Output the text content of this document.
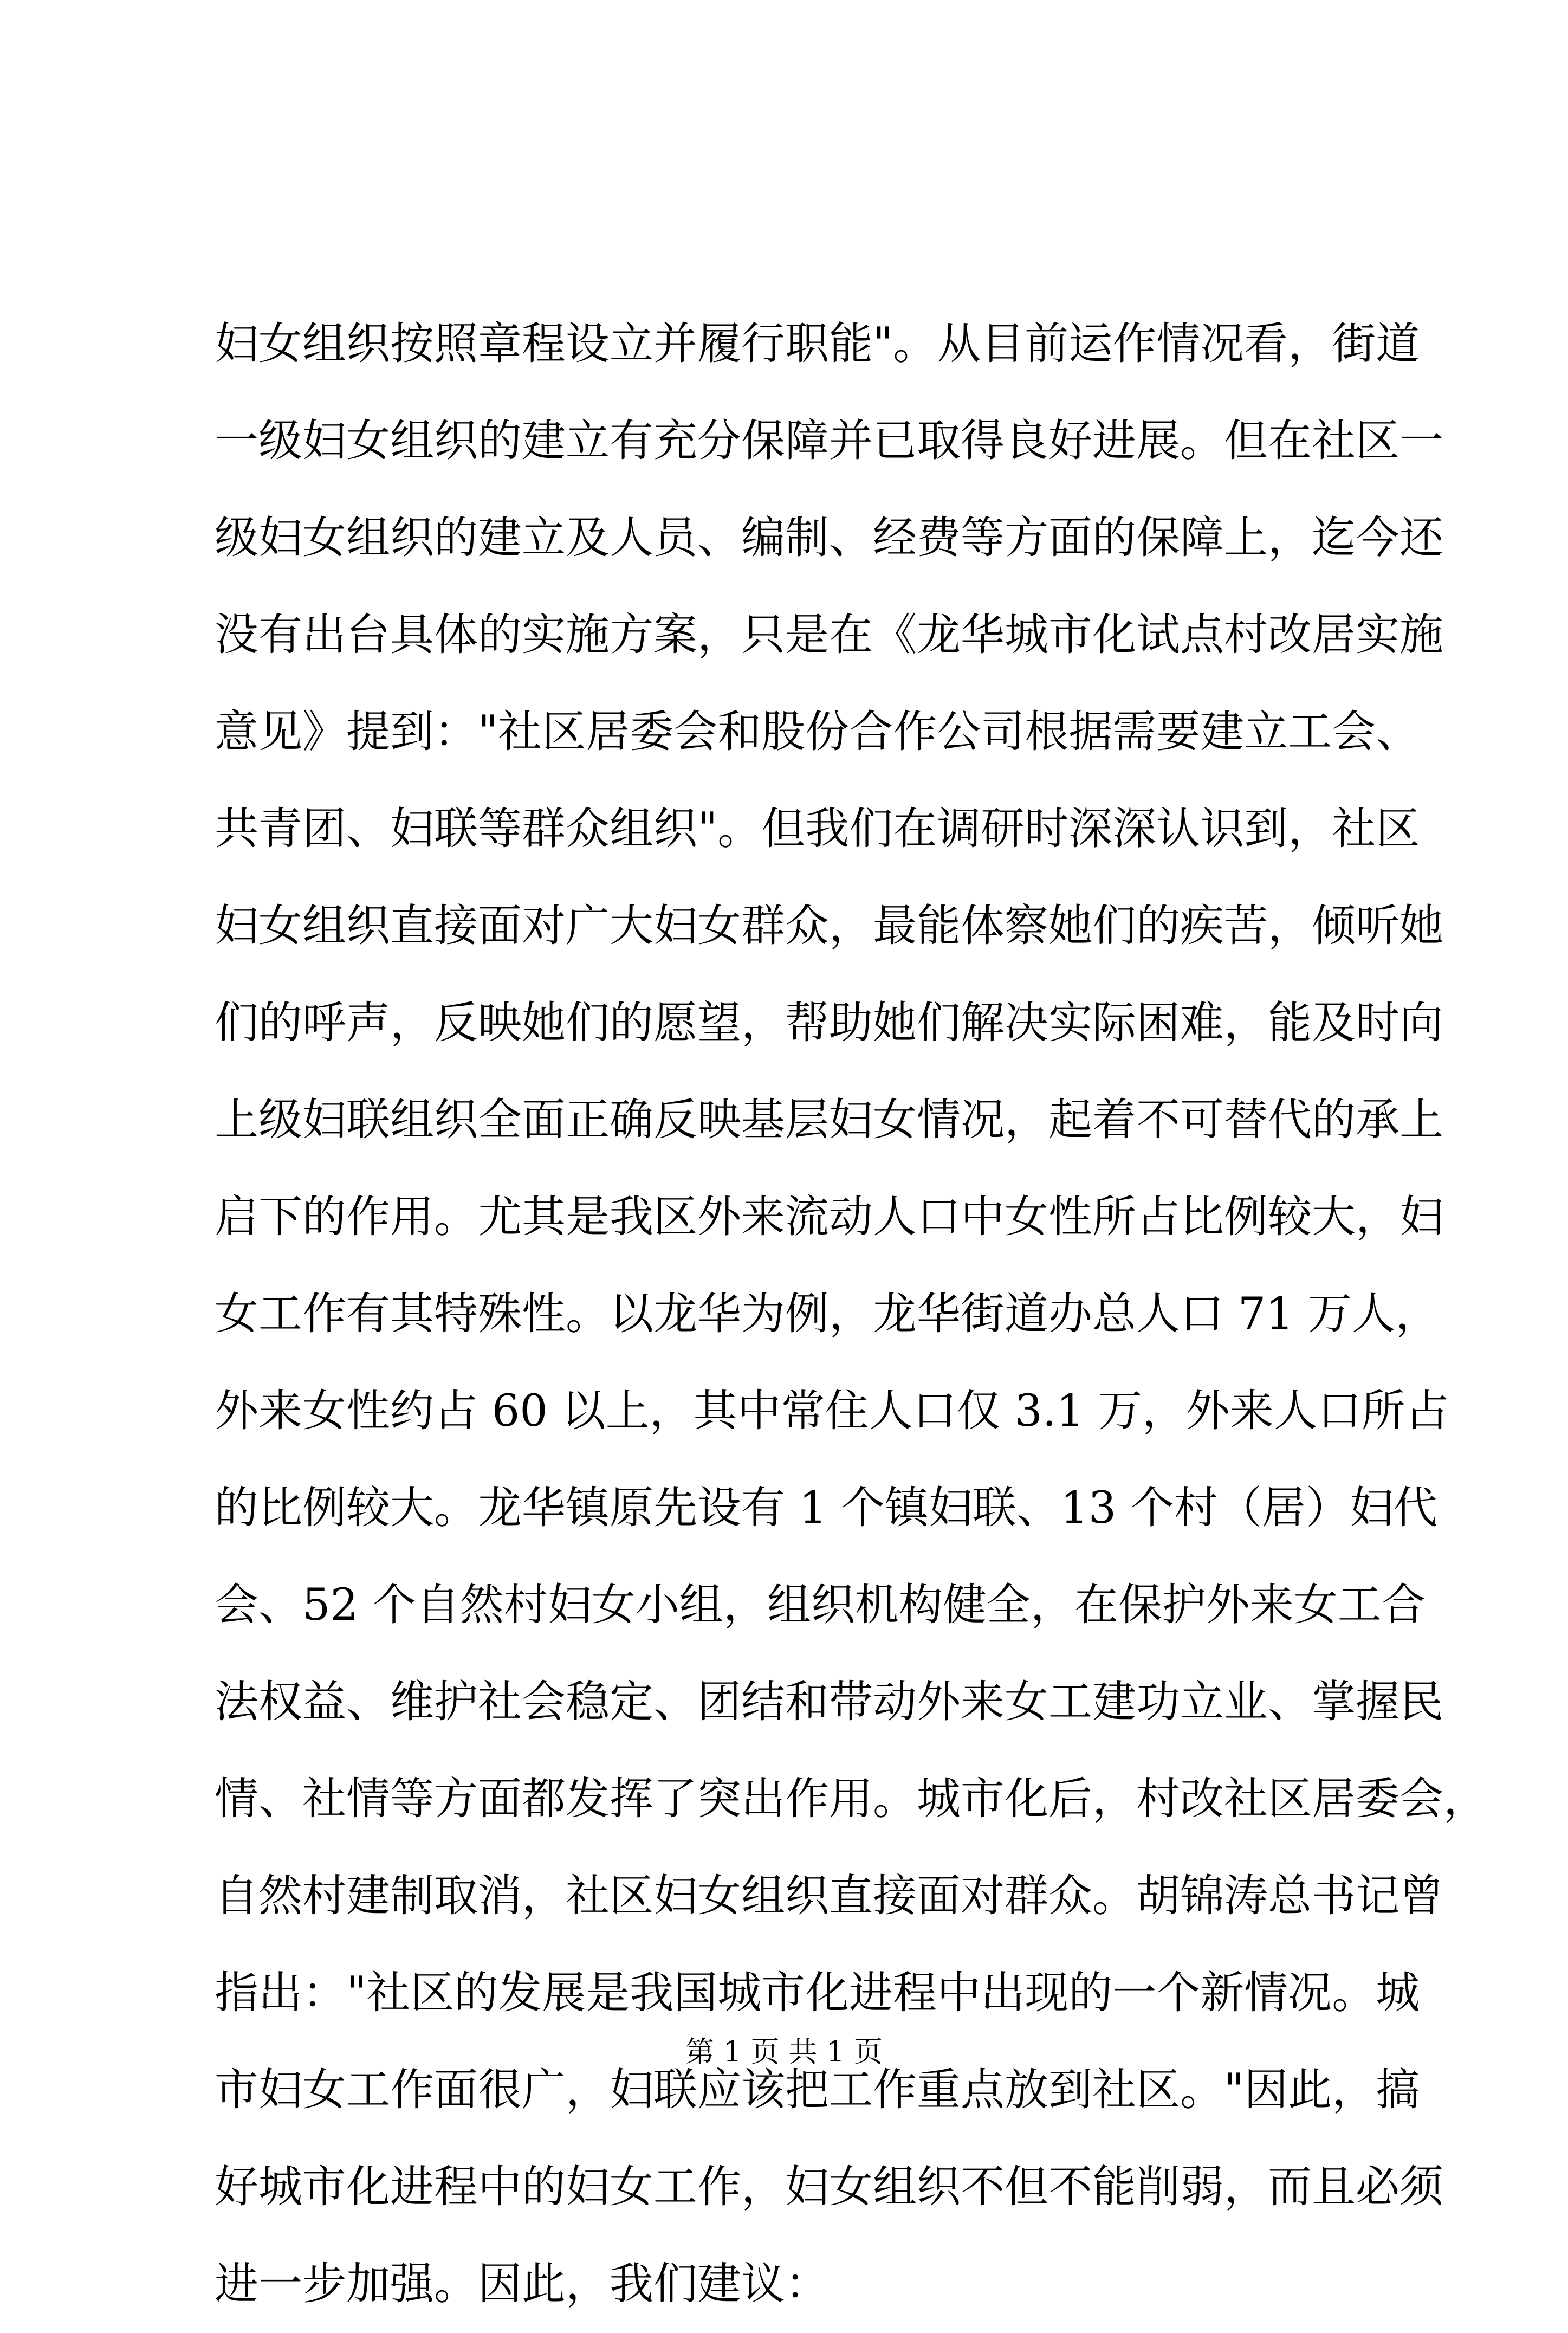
妇女组织按照章程设立并履行职能"。从目前运作情况看，街道
一级妇女组织的建立有充分保障并已取得良好进展。但在社区一
级妇女组织的建立及人员、编制、经费等方面的保障上，迄今还
没有出台具体的实施方案，只是在《龙华城市化试点村改居实施
意见》提到："社区居委会和股份合作公司根据需要建立工会、
共青团、妇联等群众组织"。但我们在调研时深深认识到，社区
妇女组织直接面对广大妇女群众，最能体察她们的疾苦，倾听她
们的呼声，反映她们的愿望，帮助她们解决实际困难，能及时向
上级妇联组织全面正确反映基层妇女情况，起着不可替代的承上
启下的作用。尤其是我区外来流动人口中女性所占比例较大，妇
女工作有其特殊性。以龙华为例，龙华街道办总人口 71 万人，
外来女性约占 60 以上，其中常住人口仅 3.1 万，外来人口所占
的比例较大。龙华镇原先设有 1 个镇妇联、13 个村（居）妇代
会、52 个自然村妇女小组，组织机构健全，在保护外来女工合
法权益、维护社会稳定、团结和带动外来女工建功立业、掌握民
情、社情等方面都发挥了突出作用。城市化后，村改社区居委会，
自然村建制取消，社区妇女组织直接面对群众。胡锦涛总书记曾
指出："社区的发展是我国城市化进程中出现的一个新情况。城
市妇女工作面很广，妇联应该把工作重点放到社区。"因此，搞
好城市化进程中的妇女工作，妇女组织不但不能削弱，而且必须
进一步加强。因此，我们建议：
第 1 页 共 1 页
